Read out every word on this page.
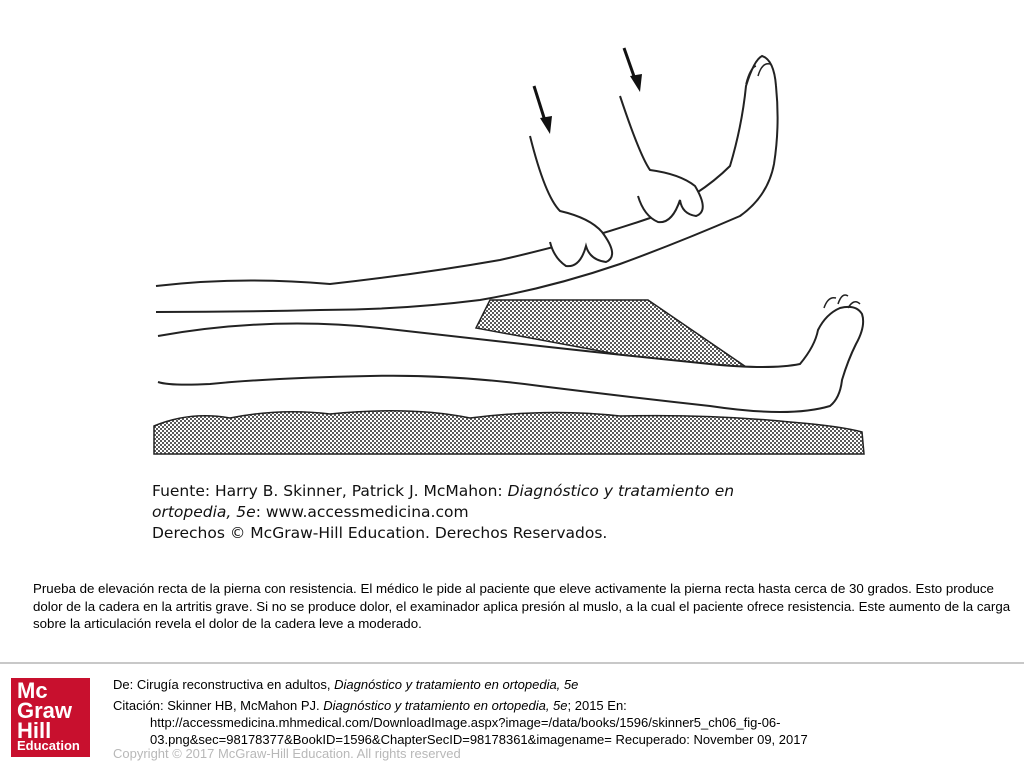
Fuente: Harry B. Skinner, Patrick J. McMahon: Diagnóstico y tratamiento en
ortopedia, 5e: www.accessmedicina.com
Derechos © McGraw-Hill Education. Derechos Reservados.
Prueba de elevación recta de la pierna con resistencia. El médico le pide al paciente que eleve activamente la pierna recta hasta cerca de 30 grados. Esto produce dolor de la cadera en la artritis grave. Si no se produce dolor, el examinador aplica presión al muslo, a la cual el paciente ofrece resistencia. Este aumento de la carga sobre la articulación revela el dolor de la cadera leve a moderado.
Mc
Graw
Hill
Education
De: Cirugía reconstructiva en adultos, Diagnóstico y tratamiento en ortopedia, 5e
Citación: Skinner HB, McMahon PJ. Diagnóstico y tratamiento en ortopedia, 5e; 2015 En:
http://accessmedicina.mhmedical.com/DownloadImage.aspx?image=/data/books/1596/skinner5_ch06_fig-06-03.png&sec=98178377&BookID=1596&ChapterSecID=98178361&imagename= Recuperado: November 09, 2017
Copyright © 2017 McGraw-Hill Education. All rights reserved
